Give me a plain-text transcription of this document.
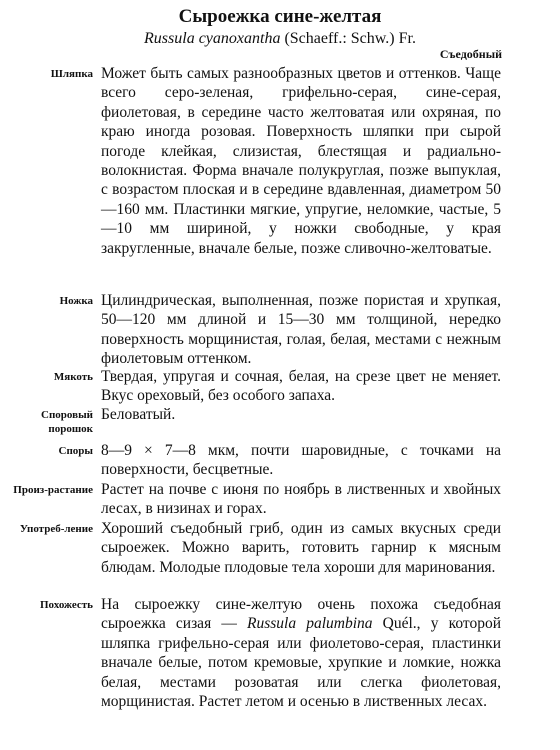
Сыроежка сине-желтая
Russula cyanoxantha (Schaeff.: Schw.) Fr.
Съедобный
Шляпка Может быть самых разнообразных цветов и оттенков. Чаще всего серо-зеленая, грифельно-серая, сине-серая, фиолетовая, в середине часто желтоватая или охряная, по краю иногда розовая. Поверхность шляпки при сырой погоде клейкая, слизистая, блестящая и радиально-волокнистая. Форма вначале полукруглая, позже выпуклая, с возрастом плоская и в середине вдавленная, диаметром 50—160 мм. Пластинки мягкие, упругие, неломкие, частые, 5—10 мм шириной, у ножки свободные, у края закругленные, вначале белые, позже сливочно-желтоватые.
Ножка Цилиндрическая, выполненная, позже пористая и хрупкая, 50—120 мм длиной и 15—30 мм толщиной, нередко поверхность морщинистая, голая, белая, местами с нежным фиолетовым оттенком.
Мякоть Твердая, упругая и сочная, белая, на срезе цвет не меняет. Вкус ореховый, без особого запаха.
Споровый порошок
Беловатый.
Споры 8—9 × 7—8 мкм, почти шаровидные, с точками на поверхности, бесцветные.
Произ-растание Растет на почве с июня по ноябрь в лиственных и хвойных лесах, в низинах и горах.
Употреб-ление Хороший съедобный гриб, один из самых вкусных среди сыроежек. Можно варить, готовить гарнир к мясным блюдам. Молодые плодовые тела хороши для маринования.
Похожесть На сыроежку сине-желтую очень похожа съедобная сыроежка сизая — Russula palumbina Quél., у которой шляпка грифельно-серая или фиолетово-серая, пластинки вначале белые, потом кремовые, хрупкие и ломкие, ножка белая, местами розоватая или слегка фиолетовая, морщинистая. Растет летом и осенью в лиственных лесах.
